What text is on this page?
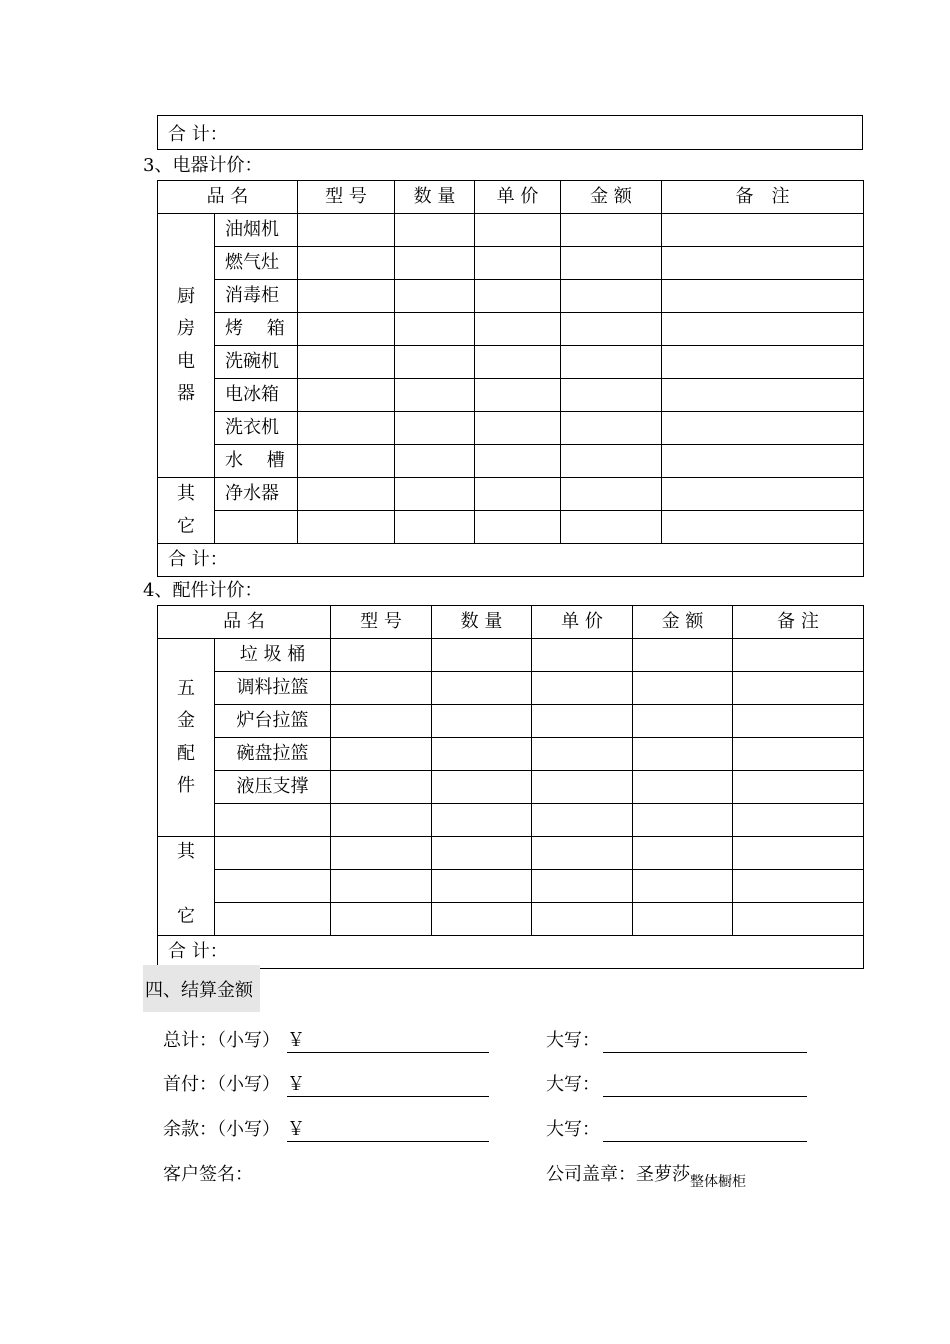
合 计：
3、电器计价：
品 名		型 号	数 量	单 价	金 额	备　注

厨
房
电
器	油烟机					
	燃气灶					
	消毒柜					
	烤　 箱					
	洗碗机					
	电冰箱					
	洗衣机					
	水　 槽					

其
它	净水器					

合 计：						
4、配件计价：
品 名		型 号	数 量	单 价	金 额	备 注

五
金
配
件	垃 圾 桶					
	调料拉篮					
	炉台拉篮					
	碗盘拉篮					
	液压支撑					

其
它						

合 计：						
四、结算金额
总计：（小写） ￥	大写：
首付：（小写） ￥	大写：
余款：（小写） ￥	大写：
客户签名：	公司盖章：圣萝莎$_{整体橱柜}$
